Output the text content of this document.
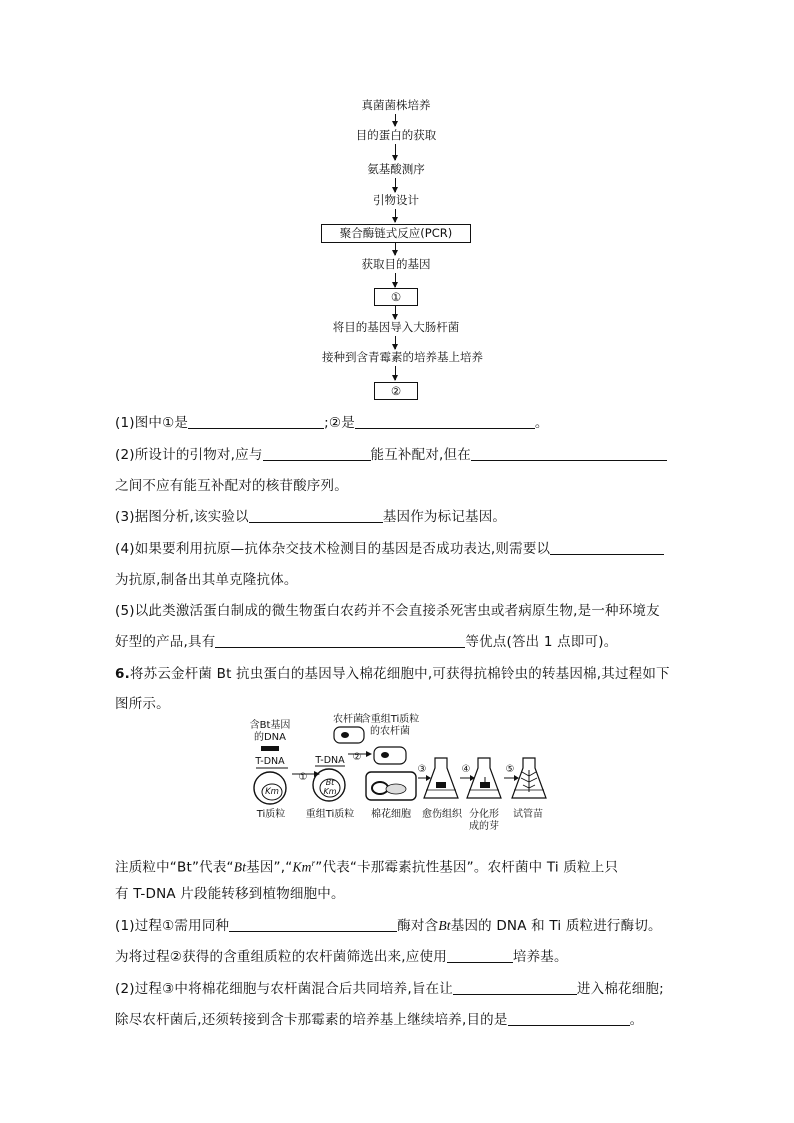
真菌菌株培养
目的蛋白的获取
氨基酸测序
引物设计
聚合酶链式反应(PCR)
获取目的基因
①
将目的基因导入大肠杆菌
接种到含青霉素的培养基上培养
②
(1)图中①是	;②是	。
(2)所设计的引物对,应与	能互补配对,但在
之间不应有能互补配对的核苷酸序列。
(3)据图分析,该实验以	基因作为标记基因。
(4)如果要利用抗原—抗体杂交技术检测目的基因是否成功表达,则需要以
为抗原,制备出其单克隆抗体。
(5)以此类激活蛋白制成的微生物蛋白农药并不会直接杀死害虫或者病原生物,是一种环境友
好型的产品,具有	等优点(答出 1 点即可)。
6.将苏云金杆菌 Bt 抗虫蛋白的基因导入棉花细胞中,可获得抗棉铃虫的转基因棉,其过程如下
图所示。
含Bt基因
的DNA
T-DNA
Km
Ti质粒
①
农杆菌
T-DNA
Bt
Km
重组Ti质粒
②
含重组Ti质粒
的农杆菌
棉花细胞
③
愈伤组织
④
分化形
成的芽
⑤
试管苗
注质粒中“Bt”代表“Bt基因”,“Km$^r$”代表“卡那霉素抗性基因”。农杆菌中 Ti 质粒上只
有 T-DNA 片段能转移到植物细胞中。
(1)过程①需用同种	酶对含Bt基因的 DNA 和 Ti 质粒进行酶切。
为将过程②获得的含重组质粒的农杆菌筛选出来,应使用	培养基。
(2)过程③中将棉花细胞与农杆菌混合后共同培养,旨在让	进入棉花细胞;
除尽农杆菌后,还须转接到含卡那霉素的培养基上继续培养,目的是	。
